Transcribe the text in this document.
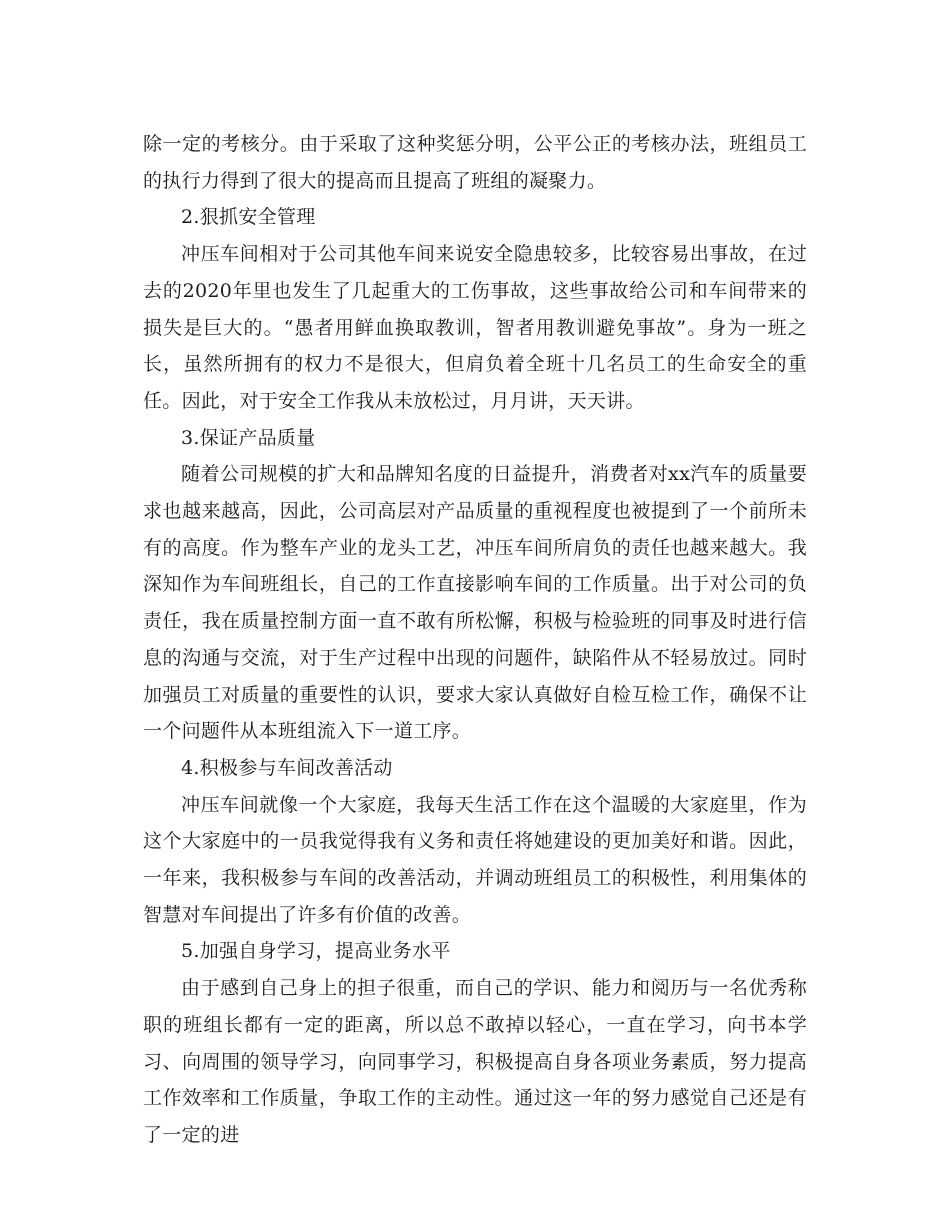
除一定的考核分。由于采取了这种奖惩分明，公平公正的考核办法，班组员工的执行力得到了很大的提高而且提高了班组的凝聚力。

2.狠抓安全管理

冲压车间相对于公司其他车间来说安全隐患较多，比较容易出事故，在过去的2020年里也发生了几起重大的工伤事故，这些事故给公司和车间带来的损失是巨大的。“愚者用鲜血换取教训，智者用教训避免事故”。身为一班之长，虽然所拥有的权力不是很大，但肩负着全班十几名员工的生命安全的重任。因此，对于安全工作我从未放松过，月月讲，天天讲。

3.保证产品质量

随着公司规模的扩大和品牌知名度的日益提升，消费者对xx汽车的质量要求也越来越高，因此，公司高层对产品质量的重视程度也被提到了一个前所未有的高度。作为整车产业的龙头工艺，冲压车间所肩负的责任也越来越大。我深知作为车间班组长，自己的工作直接影响车间的工作质量。出于对公司的负责任，我在质量控制方面一直不敢有所松懈，积极与检验班的同事及时进行信息的沟通与交流，对于生产过程中出现的问题件，缺陷件从不轻易放过。同时加强员工对质量的重要性的认识，要求大家认真做好自检互检工作，确保不让一个问题件从本班组流入下一道工序。

4.积极参与车间改善活动

冲压车间就像一个大家庭，我每天生活工作在这个温暖的大家庭里，作为这个大家庭中的一员我觉得我有义务和责任将她建设的更加美好和谐。因此，一年来，我积极参与车间的改善活动，并调动班组员工的积极性，利用集体的智慧对车间提出了许多有价值的改善。

5.加强自身学习，提高业务水平

由于感到自己身上的担子很重，而自己的学识、能力和阅历与一名优秀称职的班组长都有一定的距离，所以总不敢掉以轻心，一直在学习，向书本学习、向周围的领导学习，向同事学习，积极提高自身各项业务素质，努力提高工作效率和工作质量，争取工作的主动性。通过这一年的努力感觉自己还是有了一定的进
